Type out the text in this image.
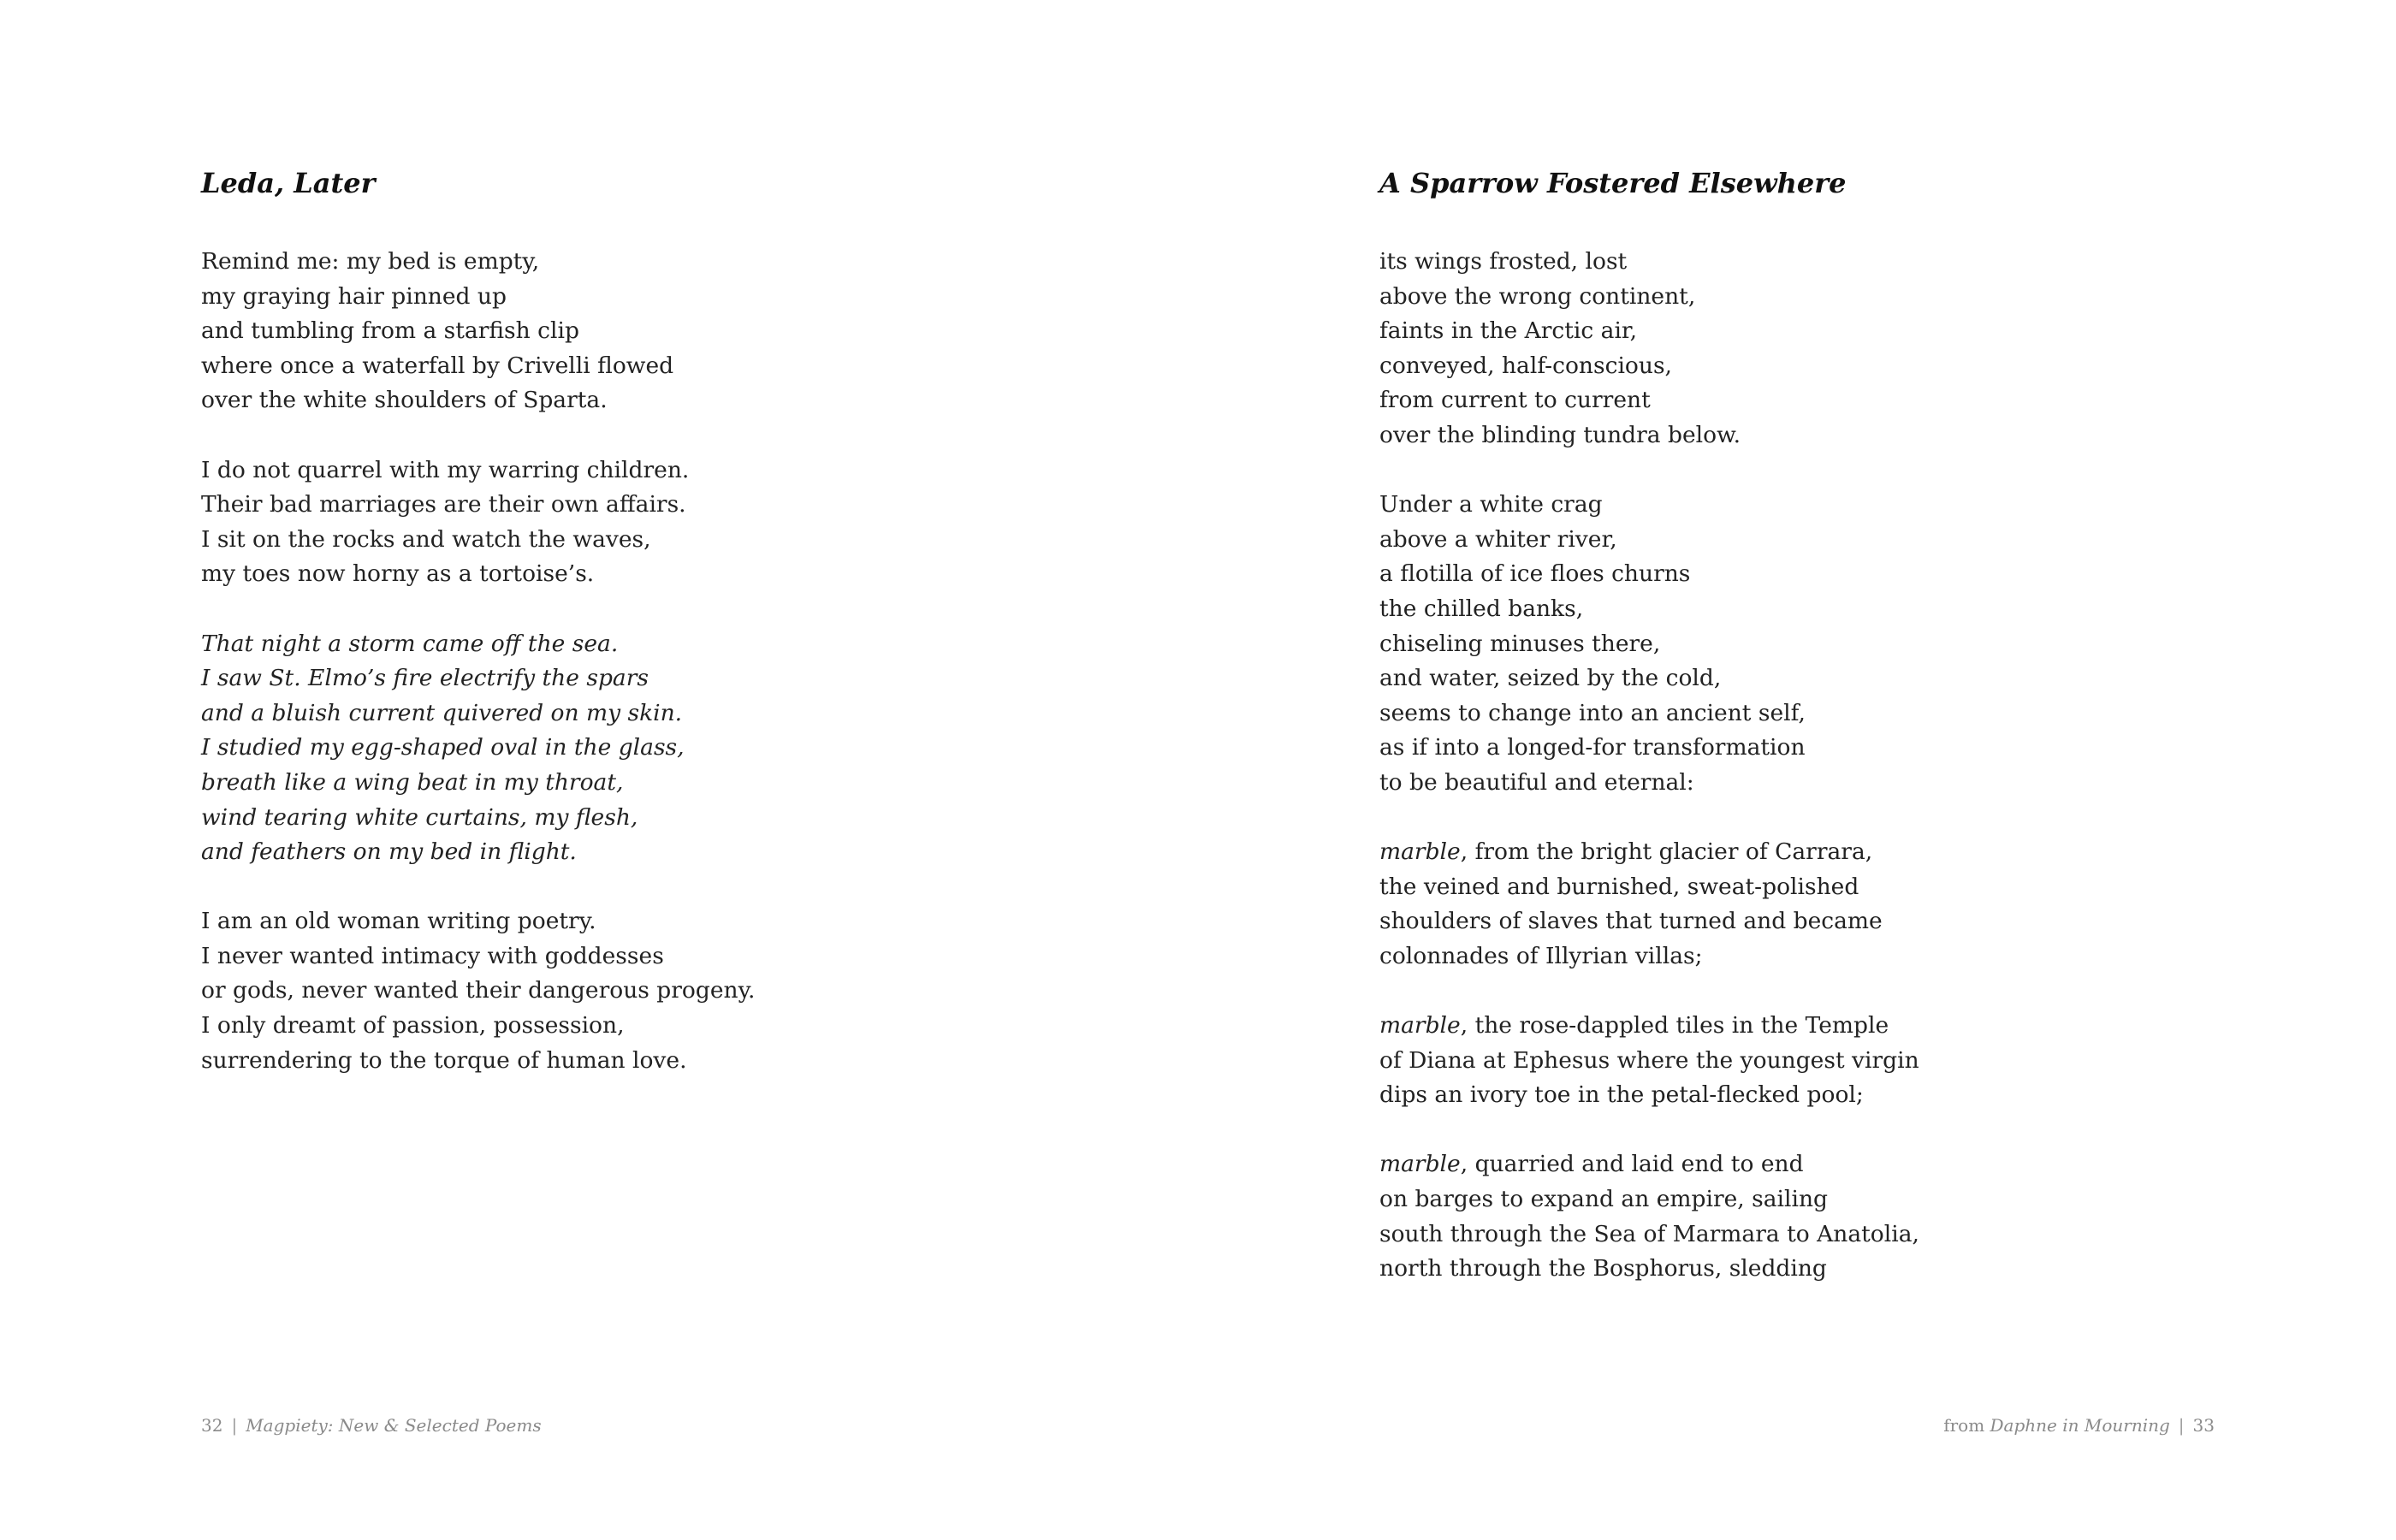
Leda, Later
Remind me: my bed is empty,
my graying hair pinned up
and tumbling from a starfish clip
where once a waterfall by Crivelli flowed
over the white shoulders of Sparta.
I do not quarrel with my warring children.
Their bad marriages are their own affairs.
I sit on the rocks and watch the waves,
my toes now horny as a tortoise’s.
That night a storm came off the sea.
I saw St. Elmo’s fire electrify the spars
and a bluish current quivered on my skin.
I studied my egg-shaped oval in the glass,
breath like a wing beat in my throat,
wind tearing white curtains, my flesh,
and feathers on my bed in flight.
I am an old woman writing poetry.
I never wanted intimacy with goddesses
or gods, never wanted their dangerous progeny.
I only dreamt of passion, possession,
surrendering to the torque of human love.
32 | Magpiety: New & Selected Poems
A Sparrow Fostered Elsewhere
its wings frosted, lost
above the wrong continent,
faints in the Arctic air,
conveyed, half-conscious,
from current to current
over the blinding tundra below.
Under a white crag
above a whiter river,
a flotilla of ice floes churns
the chilled banks,
chiseling minuses there,
and water, seized by the cold,
seems to change into an ancient self,
as if into a longed-for transformation
to be beautiful and eternal:
marble, from the bright glacier of Carrara,
the veined and burnished, sweat-polished
shoulders of slaves that turned and became
colonnades of Illyrian villas;
marble, the rose-dappled tiles in the Temple
of Diana at Ephesus where the youngest virgin
dips an ivory toe in the petal-flecked pool;
marble, quarried and laid end to end
on barges to expand an empire, sailing
south through the Sea of Marmara to Anatolia,
north through the Bosphorus, sledding
from Daphne in Mourning | 33
